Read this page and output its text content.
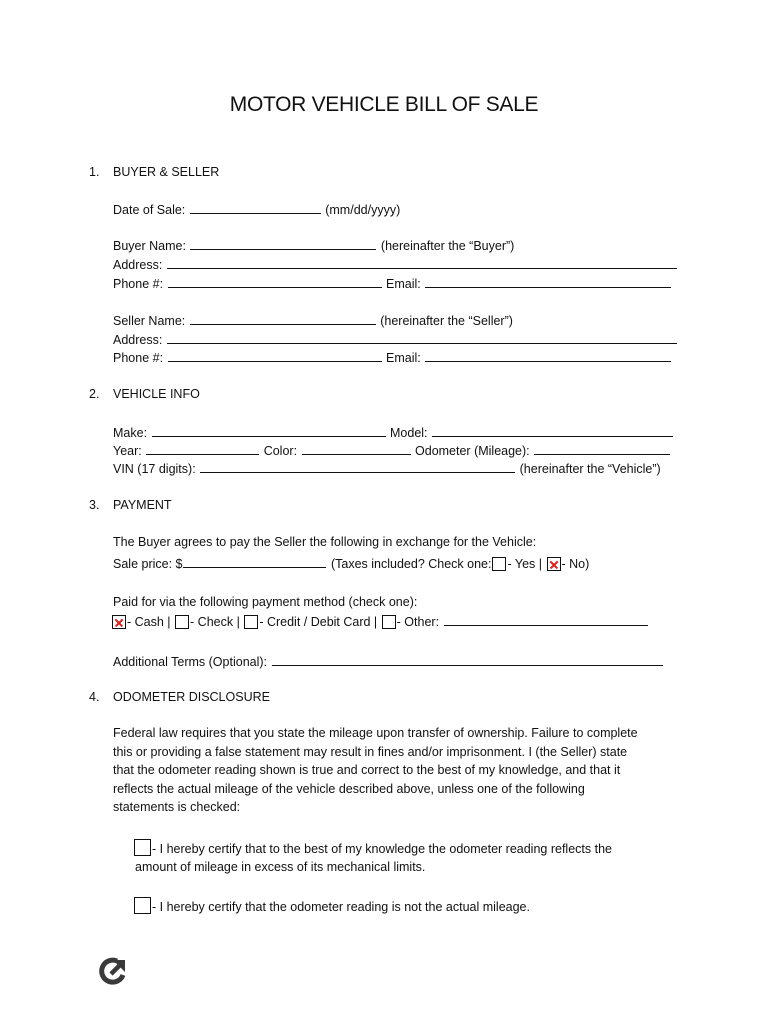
MOTOR VEHICLE BILL OF SALE
1. BUYER & SELLER
Date of Sale:	(mm/dd/yyyy)
Buyer Name:	(hereinafter the “Buyer”)
Address:
Phone #:	Email:
Seller Name:	(hereinafter the “Seller”)
Address:
Phone #:	Email:
2. VEHICLE INFO
Make:	Model:
Year:	Color:	Odometer (Mileage):
VIN (17 digits):	(hereinafter the “Vehicle”)
3. PAYMENT
The Buyer agrees to pay the Seller the following in exchange for the Vehicle:
Sale price: $	(Taxes included? Check one: - Yes | - No)
Paid for via the following payment method (check one):
- Cash | - Check | - Credit / Debit Card | - Other:
Additional Terms (Optional):
4. ODOMETER DISCLOSURE
Federal law requires that you state the mileage upon transfer of ownership. Failure to complete
this or providing a false statement may result in fines and/or imprisonment. I (the Seller) state
that the odometer reading shown is true and correct to the best of my knowledge, and that it
reflects the actual mileage of the vehicle described above, unless one of the following
statements is checked:
- I hereby certify that to the best of my knowledge the odometer reading reflects the
amount of mileage in excess of its mechanical limits.
- I hereby certify that the odometer reading is not the actual mileage.
